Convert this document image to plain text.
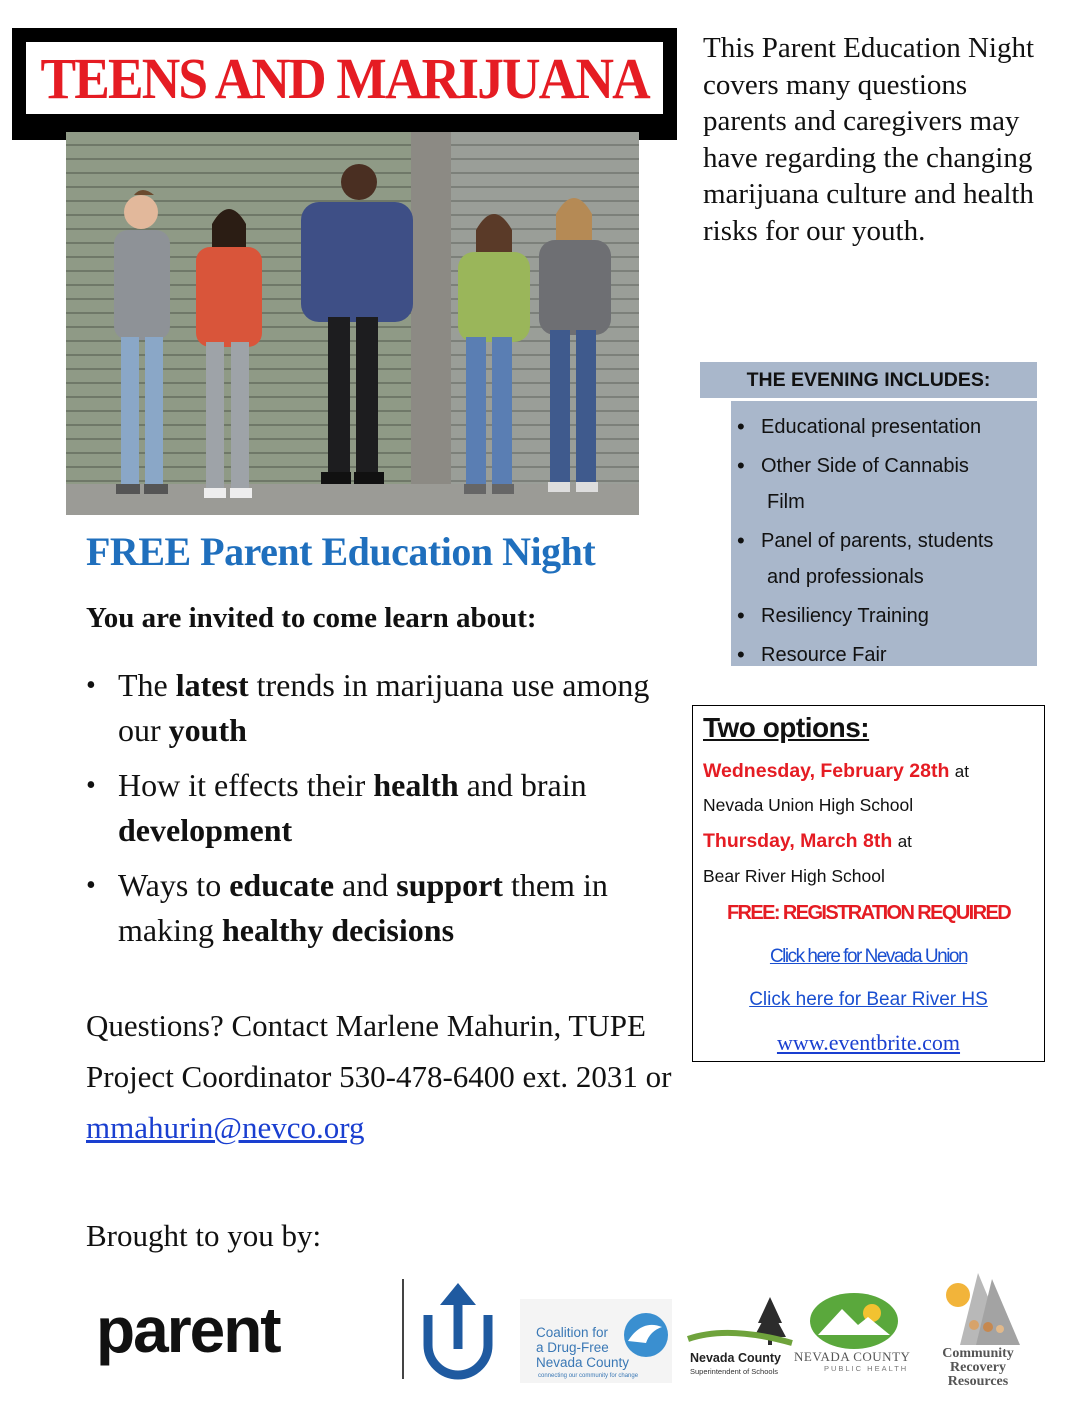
TEENS AND MARIJUANA This Parent Education Night covers many questions parents and caregivers may have regarding the changing marijuana culture and health risks for our youth.
THE EVENING INCLUDES:
• Educational presentation
• Other Side of Cannabis
Film
• Panel of parents, students
and professionals
• Resiliency Training
• Resource Fair
Two options:
Wednesday, February 28th at
Nevada Union High School
Thursday, March 8th at
Bear River High School
FREE: REGISTRATION REQUIRED
Click here for Nevada Union
Click here for Bear River HS
www.eventbrite.com
FREE Parent Education Night
You are invited to come learn about:
• The latest trends in marijuana use among our youth
• How it effects their health and brain development
• Ways to educate and support them in making healthy decisions
Questions? Contact Marlene Mahurin, TUPE Project Coordinator 530-478-6400 ext. 2031 or mmahurin@nevco.org
Brought to you by:
parent	Coalition for
a Drug-Free
Nevada County
connecting our community for change
Nevada County
Superintendent of Schools
NEVADA COUNTY
PUBLIC HEALTH
Community
Recovery
Resources
